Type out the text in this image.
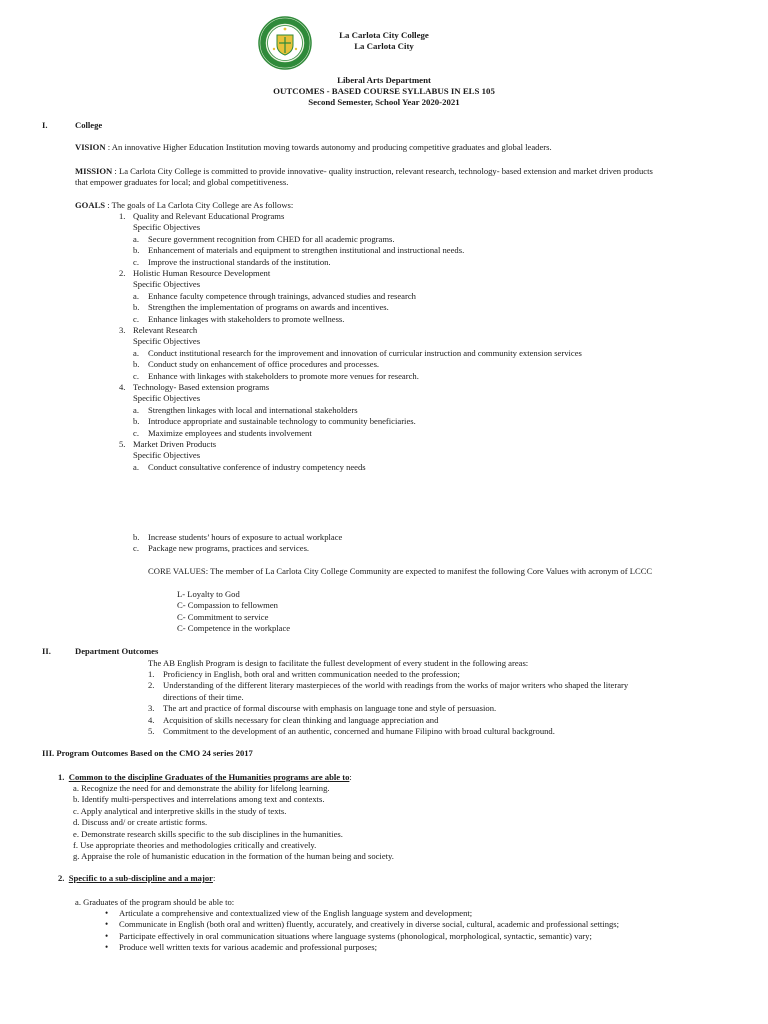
La Carlota City College
La Carlota City
Liberal Arts Department
OUTCOMES - BASED COURSE SYLLABUS IN ELS 105
Second Semester, School Year 2020-2021
I.	College
VISION : An innovative Higher Education Institution moving towards autonomy and producing competitive graduates and global leaders.
MISSION : La Carlota City College is committed to provide innovative- quality instruction, relevant research, technology- based extension and market driven products
that empower graduates for local; and global competitiveness.
GOALS : The goals of La Carlota City College are As follows:
1. Quality and Relevant Educational Programs
Specific Objectives
a. Secure government recognition from CHED for all academic programs.
b. Enhancement of materials and equipment to strengthen institutional and instructional needs.
c. Improve the instructional standards of the institution.
2. Holistic Human Resource Development
Specific Objectives
a. Enhance faculty competence through trainings, advanced studies and research
b. Strengthen the implementation of programs on awards and incentives.
c. Enhance linkages with stakeholders to promote wellness.
3. Relevant Research
Specific Objectives
a. Conduct institutional research for the improvement and innovation of curricular instruction and community extension services
b. Conduct study on enhancement of office procedures and processes.
c. Enhance with linkages with stakeholders to promote more venues for research.
4. Technology- Based extension programs
Specific Objectives
a. Strengthen linkages with local and international stakeholders
b. Introduce appropriate and sustainable technology to community beneficiaries.
c. Maximize employees and students involvement
5. Market Driven Products
Specific Objectives
a. Conduct consultative conference of industry competency needs
b. Increase students’ hours of exposure to actual workplace
c. Package new programs, practices and services.
CORE VALUES: The member of La Carlota City College Community are expected to manifest the following Core Values with acronym of LCCC
L- Loyalty to God
C- Compassion to fellowmen
C- Commitment to service
C- Competence in the workplace
II.	Department Outcomes
The AB English Program is design to facilitate the fullest development of every student in the following areas:
1. Proficiency in English, both oral and written communication needed to the profession;
2. Understanding of the different literary masterpieces of the world with readings from the works of major writers who shaped the literary
directions of their time.
3. The art and practice of formal discourse with emphasis on language tone and style of persuasion.
4. Acquisition of skills necessary for clean thinking and language appreciation and
5. Commitment to the development of an authentic, concerned and humane Filipino with broad cultural background.
III. Program Outcomes Based on the CMO 24 series 2017
1. Common to the discipline Graduates of the Humanities programs are able to:
a. Recognize the need for and demonstrate the ability for lifelong learning.
b. Identify multi-perspectives and interrelations among text and contexts.
c. Apply analytical and interpretive skills in the study of texts.
d. Discuss and/ or create artistic forms.
e. Demonstrate research skills specific to the sub disciplines in the humanities.
f. Use appropriate theories and methodologies critically and creatively.
g. Appraise the role of humanistic education in the formation of the human being and society.
2. Specific to a sub-discipline and a major:
a. Graduates of the program should be able to:
• Articulate a comprehensive and contextualized view of the English language system and development;
• Communicate in English (both oral and written) fluently, accurately, and creatively in diverse social, cultural, academic and professional settings;
• Participate effectively in oral communication situations where language systems (phonological, morphological, syntactic, semantic) vary;
• Produce well written texts for various academic and professional purposes;
